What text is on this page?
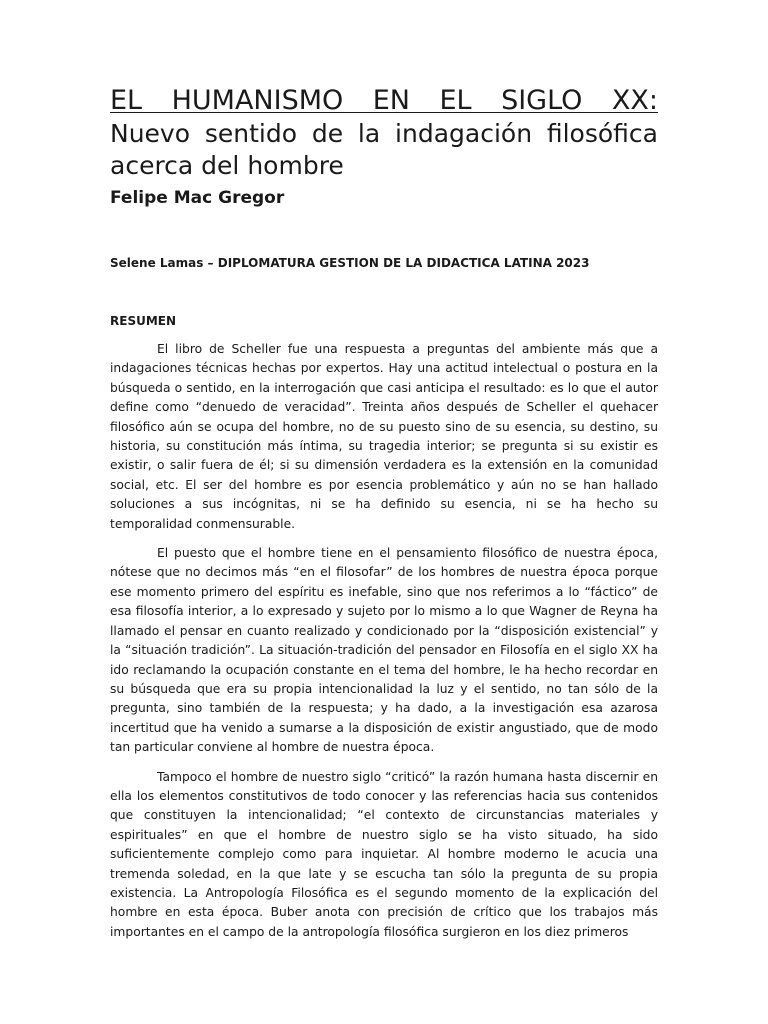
EL HUMANISMO EN EL SIGLO XX:
Nuevo sentido de la indagación filosófica acerca del hombre
Felipe Mac Gregor
Selene Lamas – DIPLOMATURA GESTION DE LA DIDACTICA LATINA 2023
RESUMEN

El libro de Scheller fue una respuesta a preguntas del ambiente más que a indagaciones técnicas hechas por expertos. Hay una actitud intelectual o postura en la búsqueda o sentido, en la interrogación que casi anticipa el resultado: es lo que el autor define como “denuedo de veracidad”. Treinta años después de Scheller el quehacer filosófico aún se ocupa del hombre, no de su puesto sino de su esencia, su destino, su historia, su constitución más íntima, su tragedia interior; se pregunta si su existir es existir, o salir fuera de él; si su dimensión verdadera es la extensión en la comunidad social, etc. El ser del hombre es por esencia problemático y aún no se han hallado soluciones a sus incógnitas, ni se ha definido su esencia, ni se ha hecho su temporalidad conmensurable.

El puesto que el hombre tiene en el pensamiento filosófico de nuestra época, nótese que no decimos más “en el filosofar” de los hombres de nuestra época porque ese momento primero del espíritu es inefable, sino que nos referimos a lo “fáctico” de esa filosofía interior, a lo expresado y sujeto por lo mismo a lo que Wagner de Reyna ha llamado el pensar en cuanto realizado y condicionado por la “disposición existencial” y la “situación tradición”. La situación-tradición del pensador en Filosofía en el siglo XX ha ido reclamando la ocupación constante en el tema del hombre, le ha hecho recordar en su búsqueda que era su propia intencionalidad la luz y el sentido, no tan sólo de la pregunta, sino también de la respuesta; y ha dado, a la investigación esa azarosa incertitud que ha venido a sumarse a la disposición de existir angustiado, que de modo tan particular conviene al hombre de nuestra época.

Tampoco el hombre de nuestro siglo “criticó” la razón humana hasta discernir en ella los elementos constitutivos de todo conocer y las referencias hacia sus contenidos que constituyen la intencionalidad; “el contexto de circunstancias materiales y espirituales” en que el hombre de nuestro siglo se ha visto situado, ha sido suficientemente complejo como para inquietar. Al hombre moderno le acucia una tremenda soledad, en la que late y se escucha tan sólo la pregunta de su propia existencia. La Antropología Filosófica es el segundo momento de la explicación del hombre en esta época. Buber anota con precisión de crítico que los trabajos más importantes en el campo de la antropología filosófica surgieron en los diez primeros
